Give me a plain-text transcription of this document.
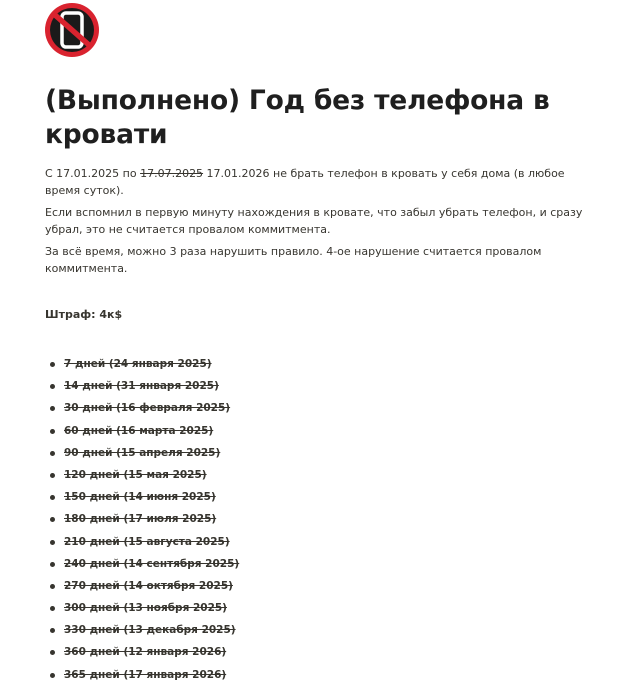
(Выполнено) Год без телефона в кровати

С 17.01.2025 по 17.07.2025 17.01.2026 не брать телефон в кровать у себя дома (в любое время суток).

Если вспомнил в первую минуту нахождения в кровате, что забыл убрать телефон, и сразу убрал, это не считается провалом коммитмента.

За всё время, можно 3 раза нарушить правило. 4-ое нарушение считается провалом коммитмента.

Штраф: 4к$

7 дней (24 января 2025)
14 дней (31 января 2025)
30 дней (16 февраля 2025)
60 дней (16 марта 2025)
90 дней (15 апреля 2025)
120 дней (15 мая 2025)
150 дней (14 июня 2025)
180 дней (17 июля 2025)
210 дней (15 августа 2025)
240 дней (14 сентября 2025)
270 дней (14 октября 2025)
300 дней (13 ноября 2025)
330 дней (13 декабря 2025)
360 дней (12 января 2026)
365 дней (17 января 2026)
